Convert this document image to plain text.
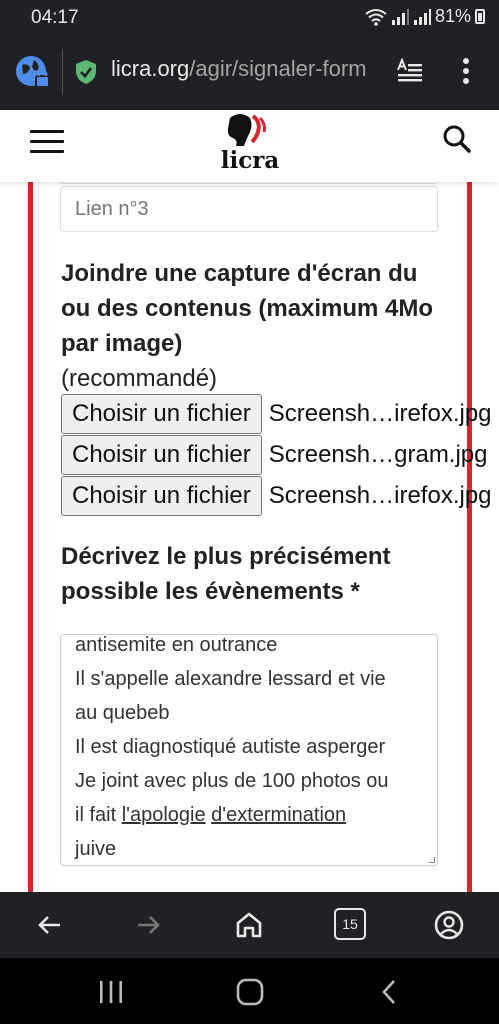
04:17	81%
licra.org/agir/signaler-form
licra
Lien n°3
Joindre une capture d'écran du ou des contenus (maximum 4Mo par image)
(recommandé)
Choisir un fichier Screensh…irefox.jpg
Choisir un fichier Screensh…gram.jpg
Choisir un fichier Screensh…irefox.jpg
Décrivez le plus précisément possible les évènements *
antisemite en outrance
Il s'appelle alexandre lessard et vie
au quebeb
Il est diagnostiqué autiste asperger
Je joint avec plus de 100 photos ou
il fait l'apologie d'extermination
juive
15
